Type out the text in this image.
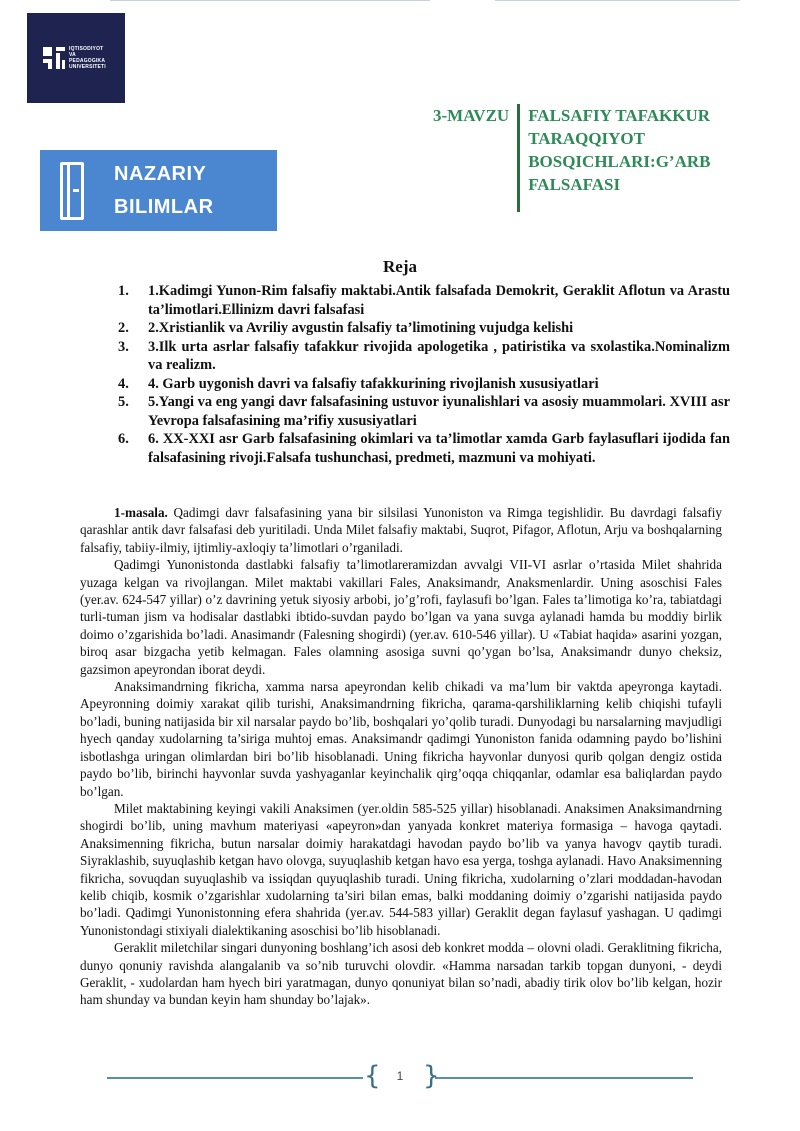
IQTISODIYOT VA
PEDAGOGIKA
UNIVERSITETI
3-MAVZU FALSAFIY TAFAKKUR TARAQQIYOT BOSQICHLARI:G’ARB FALSAFASI
NAZARIY
BILIMLAR
Reja
1.	1.Kadimgi Yunon-Rim falsafiy maktabi.Antik falsafada Demokrit, Geraklit Aflotun va Arastu ta’limotlari.Ellinizm davri falsafasi
2.	2.Xristianlik va Avriliy avgustin falsafiy ta’limotining vujudga kelishi
3.	3.Ilk urta asrlar falsafiy tafakkur rivojida apologetika , patiristika va sxolastika.Nominalizm va realizm.
4.	4. Garb uygonish davri va falsafiy tafakkurining rivojlanish xususiyatlari
5.	5.Yangi va eng yangi davr falsafasining ustuvor iyunalishlari va asosiy muammolari. XVIII asr Yevropa falsafasining ma’rifiy xususiyatlari
6.	6. XX-XXI asr Garb falsafasining okimlari va ta’limotlar xamda Garb faylasuflari ijodida fan falsafasining rivoji.Falsafa tushunchasi, predmeti, mazmuni va mohiyati.

1-masala. Qadimgi davr falsafasining yana bir silsilasi Yunoniston va Rimga tegishlidir. Bu davrdagi falsafiy qarashlar antik davr falsafasi deb yuritiladi. Unda Milet falsafiy maktabi, Suqrot, Pifagor, Aflotun, Arju va boshqalarning falsafiy, tabiiy-ilmiy, ijtimliy-axloqiy ta’limotlari o’rganiladi.

Qadimgi Yunonistonda dastlabki falsafiy ta’limotlareramizdan avvalgi VII-VI asrlar o’rtasida Milet shahrida yuzaga kelgan va rivojlangan. Milet maktabi vakillari Fales, Anaksimandr, Anaksmenlardir. Uning asoschisi Fales (yer.av. 624-547 yillar) o’z davrining yetuk siyosiy arbobi, jo’g’rofi, faylasufi bo’lgan. Fales ta’limotiga ko’ra, tabiatdagi turli-tuman jism va hodisalar dastlabki ibtido-suvdan paydo bo’lgan va yana suvga aylanadi hamda bu moddiy birlik doimo o’zgarishida bo’ladi. Anasimandr (Falesning shogirdi) (yer.av. 610-546 yillar). U «Tabiat haqida» asarini yozgan, biroq asar bizgacha yetib kelmagan. Fales olamning asosiga suvni qo’ygan bo’lsa, Anaksimandr dunyo cheksiz, gazsimon apeyrondan iborat deydi.

Anaksimandrning fikricha, xamma narsa apeyrondan kelib chikadi va ma’lum bir vaktda apeyronga kaytadi. Apeyronning doimiy xarakat qilib turishi, Anaksimandrning fikricha, qarama-qarshiliklarning kelib chiqishi tufayli bo’ladi, buning natijasida bir xil narsalar paydo bo’lib, boshqalari yo’qolib turadi. Dunyodagi bu narsalarning mavjudligi hyech qanday xudolarning ta’siriga muhtoj emas. Anaksimandr qadimgi Yunoniston fanida odamning paydo bo’lishini isbotlashga uringan olimlardan biri bo’lib hisoblanadi. Uning fikricha hayvonlar dunyosi qurib qolgan dengiz ostida paydo bo’lib, birinchi hayvonlar suvda yashyaganlar keyinchalik qirg’oqqa chiqqanlar, odamlar esa baliqlardan paydo bo’lgan.

Milet maktabining keyingi vakili Anaksimen (yer.oldin 585-525 yillar) hisoblanadi. Anaksimen Anaksimandrning shogirdi bo’lib, uning mavhum materiyasi «apeyron»dan yanyada konkret materiya formasiga – havoga qaytadi. Anaksimenning fikricha, butun narsalar doimiy harakatdagi havodan paydo bo’lib va yanya havogv qaytib turadi. Siyraklashib, suyuqlashib ketgan havo olovga, suyuqlashib ketgan havo esa yerga, toshga aylanadi. Havo Anaksimenning fikricha, sovuqdan suyuqlashib va issiqdan quyuqlashib turadi. Uning fikricha, xudolarning o’zlari moddadan-havodan kelib chiqib, kosmik o’zgarishlar xudolarning ta’siri bilan emas, balki moddaning doimiy o’zgarishi natijasida paydo bo’ladi. Qadimgi Yunonistonning efera shahrida (yer.av. 544-583 yillar) Geraklit degan faylasuf yashagan. U qadimgi Yunonistondagi stixiyali dialektikaning asoschisi bo’lib hisoblanadi.

Geraklit miletchilar singari dunyoning boshlang’ich asosi deb konkret modda – olovni oladi. Geraklitning fikricha, dunyo qonuniy ravishda alangalanib va so’nib turuvchi olovdir. «Hamma narsadan tarkib topgan dunyoni, - deydi Geraklit, - xudolardan ham hyech biri yaratmagan, dunyo qonuniyat bilan so’nadi, abadiy tirik olov bo’lib kelgan, hozir ham shunday va bundan keyin ham shunday bo’lajak».

{ }
1
